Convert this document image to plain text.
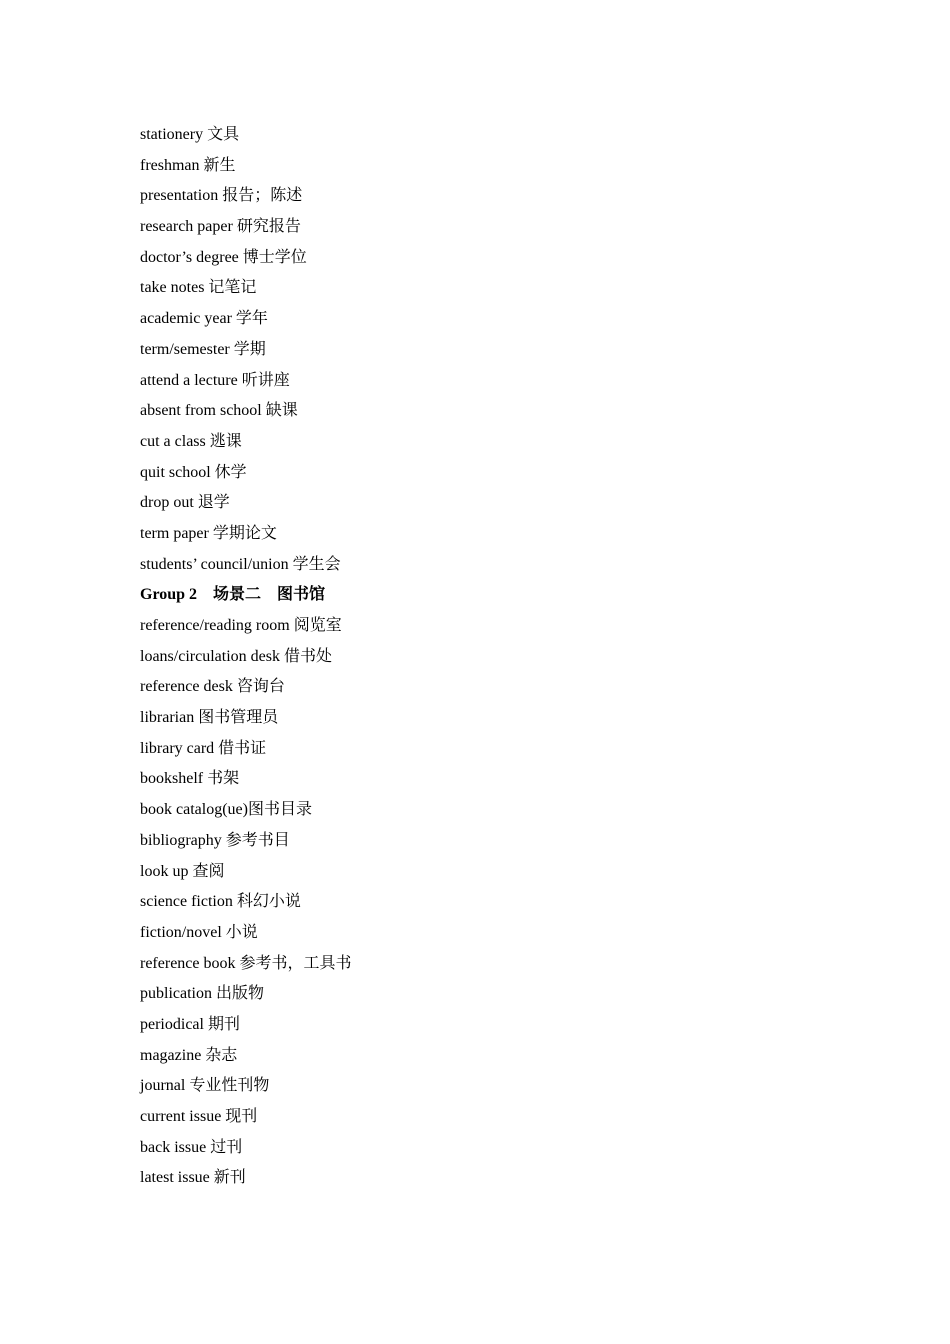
stationery 文具
freshman 新生
presentation 报告；陈述
research paper 研究报告
doctor’s degree 博士学位
take notes 记笔记
academic year 学年
term/semester 学期
attend a lecture 听讲座
absent from school 缺课
cut a class 逃课
quit school 休学
drop out 退学
term paper 学期论文
students’ council/union 学生会
Group 2　场景二　图书馆
reference/reading room 阅览室
loans/circulation desk 借书处
reference desk 咨询台
librarian 图书管理员
library card 借书证
bookshelf 书架
book catalog(ue)图书目录
bibliography 参考书目
look up 查阅
science fiction 科幻小说
fiction/novel 小说
reference book 参考书，工具书
publication 出版物
periodical 期刊
magazine 杂志
journal 专业性刊物
current issue 现刊
back issue 过刊
latest issue 新刊
